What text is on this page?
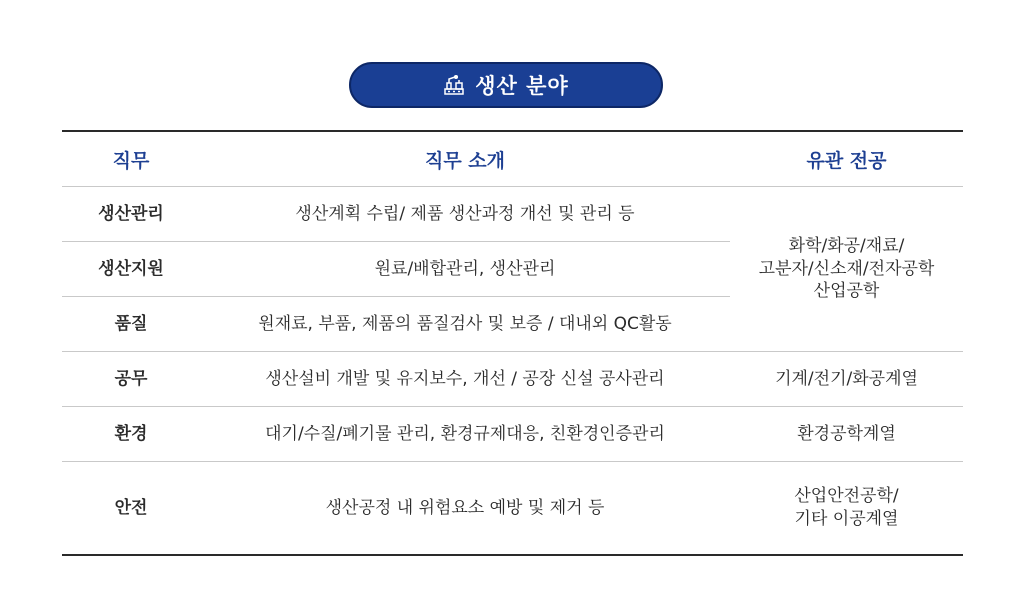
생산 분야
직무	직무 소개	유관 전공
생산관리	생산계획 수립/ 제품 생산과정 개선 및 관리 등	화학/화공/재료/
고분자/신소재/전자공학
산업공학

생산지원	원료/배합관리, 생산관리	
품질	원재료, 부품, 제품의 품질검사 및 보증 / 대내외 QC활동	
공무	생산설비 개발 및 유지보수, 개선 / 공장 신설 공사관리	기계/전기/화공계열

환경	대기/수질/폐기물 관리, 환경규제대응, 친환경인증관리	환경공학계열

안전	생산공정 내 위험요소 예방 및 제거 등	산업안전공학/
기타 이공계열
